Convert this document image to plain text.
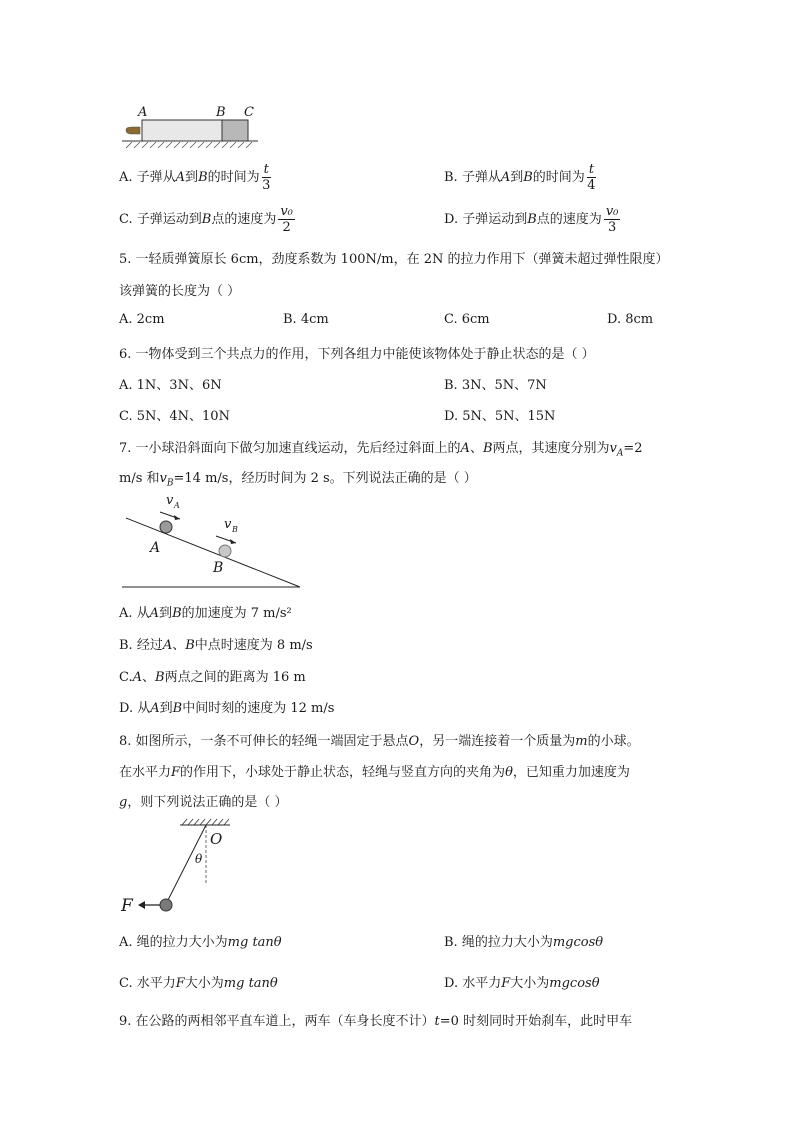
A	B C
A. 子弹从A到B的时间为 $\frac{t}{3}$	B. 子弹从A到B的时间为 $\frac{t}{4}$
C. 子弹运动到B点的速度为 $\frac{\text{v₀}}{2}$	D. 子弹运动到B点的速度为 $\frac{\text{v₀}}{3}$
5. 一轻质弹簧原长 6cm，劲度系数为 100N/m，在 2N 的拉力作用下（弹簧未超过弹性限度）
该弹簧的长度为（ ）
A. 2cm	B. 4cm	C. 6cm	D. 8cm
6. 一物体受到三个共点力的作用，下列各组力中能使该物体处于静止状态的是（ ）
A. 1N、3N、6N	B. 3N、5N、7N
C. 5N、4N、10N	D. 5N、5N、15N
7. 一小球沿斜面向下做匀加速直线运动，先后经过斜面上的A、B两点，其速度分别为$v_A=2$
m/s 和$v_B=14$ m/s，经历时间为 2 s。下列说法正确的是（ ）
v A
A
v B
B
A. 从A到B的加速度为 7 m/s²
B. 经过A、B中点时速度为 8 m/s
C.A、B两点之间的距离为 16 m
D. 从A到B中间时刻的速度为 12 m/s
8. 如图所示，一条不可伸长的轻绳一端固定于悬点O，另一端连接着一个质量为m的小球。
在水平力F的作用下，小球处于静止状态，轻绳与竖直方向的夹角为θ，已知重力加速度为
g，则下列说法正确的是（ ）
O
θ
F
A. 绳的拉力大小为mg tanθ	B. 绳的拉力大小为mgcosθ
C. 水平力F大小为mg tanθ	D. 水平力F大小为mgcosθ
9. 在公路的两相邻平直车道上，两车（车身长度不计）t=0 时刻同时开始刹车，此时甲车
